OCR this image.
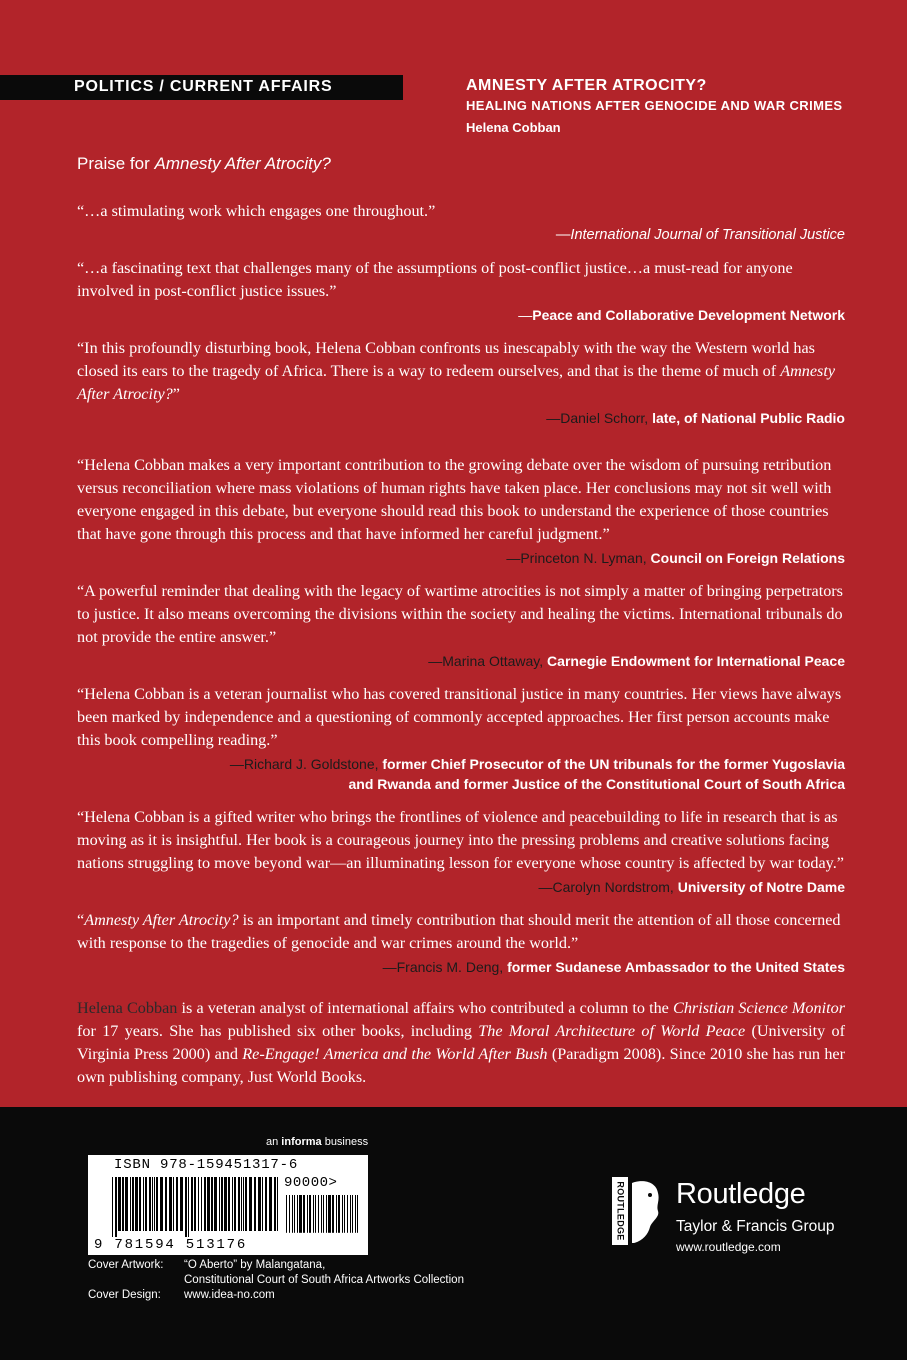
POLITICS / CURRENT AFFAIRS	AMNESTY AFTER ATROCITY?
HEALING NATIONS AFTER GENOCIDE AND WAR CRIMES
Helena Cobban
Praise for Amnesty After Atrocity?

“…a stimulating work which engages one throughout.”

—International Journal of Transitional Justice

“…a fascinating text that challenges many of the assumptions of post-conflict justice…a must-read for anyone involved in post-conflict justice issues.”

—Peace and Collaborative Development Network

“In this profoundly disturbing book, Helena Cobban confronts us inescapably with the way the Western world has closed its ears to the tragedy of Africa. There is a way to redeem ourselves, and that is the theme of much of Amnesty After Atrocity?”

—Daniel Schorr, late, of National Public Radio

“Helena Cobban makes a very important contribution to the growing debate over the wisdom of pursuing retribution versus reconciliation where mass violations of human rights have taken place. Her conclusions may not sit well with everyone engaged in this debate, but everyone should read this book to understand the experience of those countries that have gone through this process and that have informed her careful judgment.”

—Princeton N. Lyman, Council on Foreign Relations

“A powerful reminder that dealing with the legacy of wartime atrocities is not simply a matter of bringing perpetrators to justice. It also means overcoming the divisions within the society and healing the victims. International tribunals do not provide the entire answer.”

—Marina Ottaway, Carnegie Endowment for International Peace

“Helena Cobban is a veteran journalist who has covered transitional justice in many countries. Her views have always been marked by independence and a questioning of commonly accepted approaches. Her first person accounts make this book compelling reading.”

—Richard J. Goldstone, former Chief Prosecutor of the UN tribunals for the former Yugoslavia
and Rwanda and former Justice of the Constitutional Court of South Africa

“Helena Cobban is a gifted writer who brings the frontlines of violence and peacebuilding to life in research that is as moving as it is insightful. Her book is a courageous journey into the pressing problems and creative solutions facing nations struggling to move beyond war—an illuminating lesson for everyone whose country is affected by war today.”

—Carolyn Nordstrom, University of Notre Dame

“Amnesty After Atrocity? is an important and timely contribution that should merit the attention of all those concerned with response to the tragedies of genocide and war crimes around the world.”

—Francis M. Deng, former Sudanese Ambassador to the United States

Helena Cobban is a veteran analyst of international affairs who contributed a column to the Christian Science Monitor for 17 years. She has published six other books, including The Moral Architecture of World Peace (University of Virginia Press 2000) and Re-Engage! America and the World After Bush (Paradigm 2008). Since 2010 she has run her own publishing company, Just World Books.

an informa business
ISBN 978-159451317-6
90000>
9 781594 513176
Cover Artwork: “O Aberto” by Malangatana,
Constitutional Court of South Africa Artworks Collection
Cover Design: www.idea-no.com
ROUTLEDGE Routledge
Taylor & Francis Group
www.routledge.com
